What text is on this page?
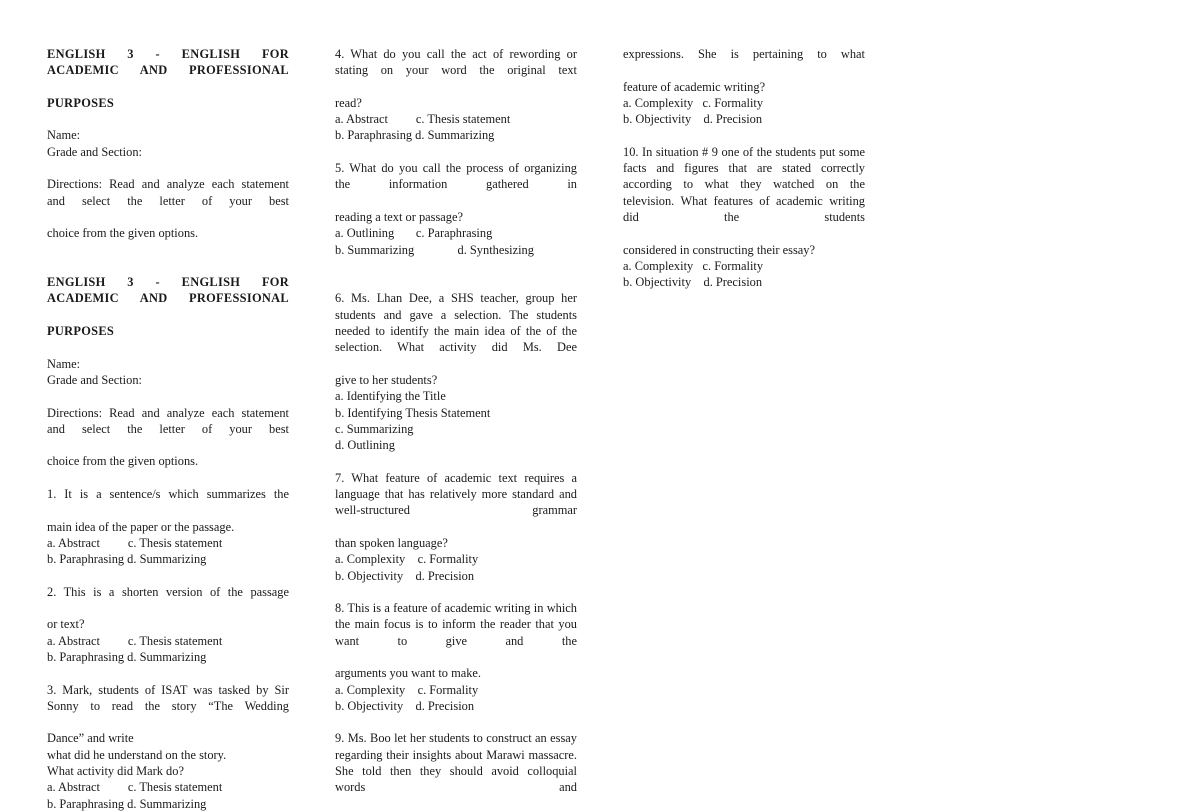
ENGLISH 3 - ENGLISH FOR ACADEMIC AND PROFESSIONAL

PURPOSES

Name:

Grade and Section:

Directions: Read and analyze each statement and select the letter of your best

choice from the given options.

ENGLISH 3 - ENGLISH FOR ACADEMIC AND PROFESSIONAL

PURPOSES

Name:

Grade and Section:

Directions: Read and analyze each statement and select the letter of your best

choice from the given options.

1. It is a sentence/s which summarizes the

main idea of the paper or the passage.

a. Abstract         c. Thesis statement

b. Paraphrasing d. Summarizing

2. This is a shorten version of the passage

or text?

a. Abstract         c. Thesis statement

b. Paraphrasing d. Summarizing

3. Mark, students of ISAT was tasked by Sir Sonny to read the story “The Wedding

Dance” and write

what did he understand on the story.

What activity did Mark do?

a. Abstract         c. Thesis statement

b. Paraphrasing d. Summarizing

4. What do you call the act of rewording or stating on your word the original text

read?

a. Abstract         c. Thesis statement

b. Paraphrasing d. Summarizing

5. What do you call the process of organizing the information gathered in

reading a text or passage?

a. Outlining       c. Paraphrasing

b. Summarizing              d. Synthesizing

6. Ms. Lhan Dee, a SHS teacher, group her students and gave a selection. The students needed to identify the main idea of the of the selection. What activity did Ms. Dee

give to her students?

a. Identifying the Title

b. Identifying Thesis Statement

c. Summarizing

d. Outlining

7. What feature of academic text requires a language that has relatively more standard and well-structured grammar

than spoken language?

a. Complexity    c. Formality

b. Objectivity    d. Precision

8. This is a feature of academic writing in which the main focus is to inform the reader that you want to give and the

arguments you want to make.

a. Complexity    c. Formality

b. Objectivity    d. Precision

9. Ms. Boo let her students to construct an essay regarding their insights about Marawi massacre. She told then they should avoid colloquial words and

expressions. She is pertaining to what

feature of academic writing?

a. Complexity   c. Formality

b. Objectivity    d. Precision

10. In situation # 9 one of the students put some facts and figures that are stated correctly according to what they watched on the television. What features of academic writing did the students

considered in constructing their essay?

a. Complexity   c. Formality

b. Objectivity    d. Precision
